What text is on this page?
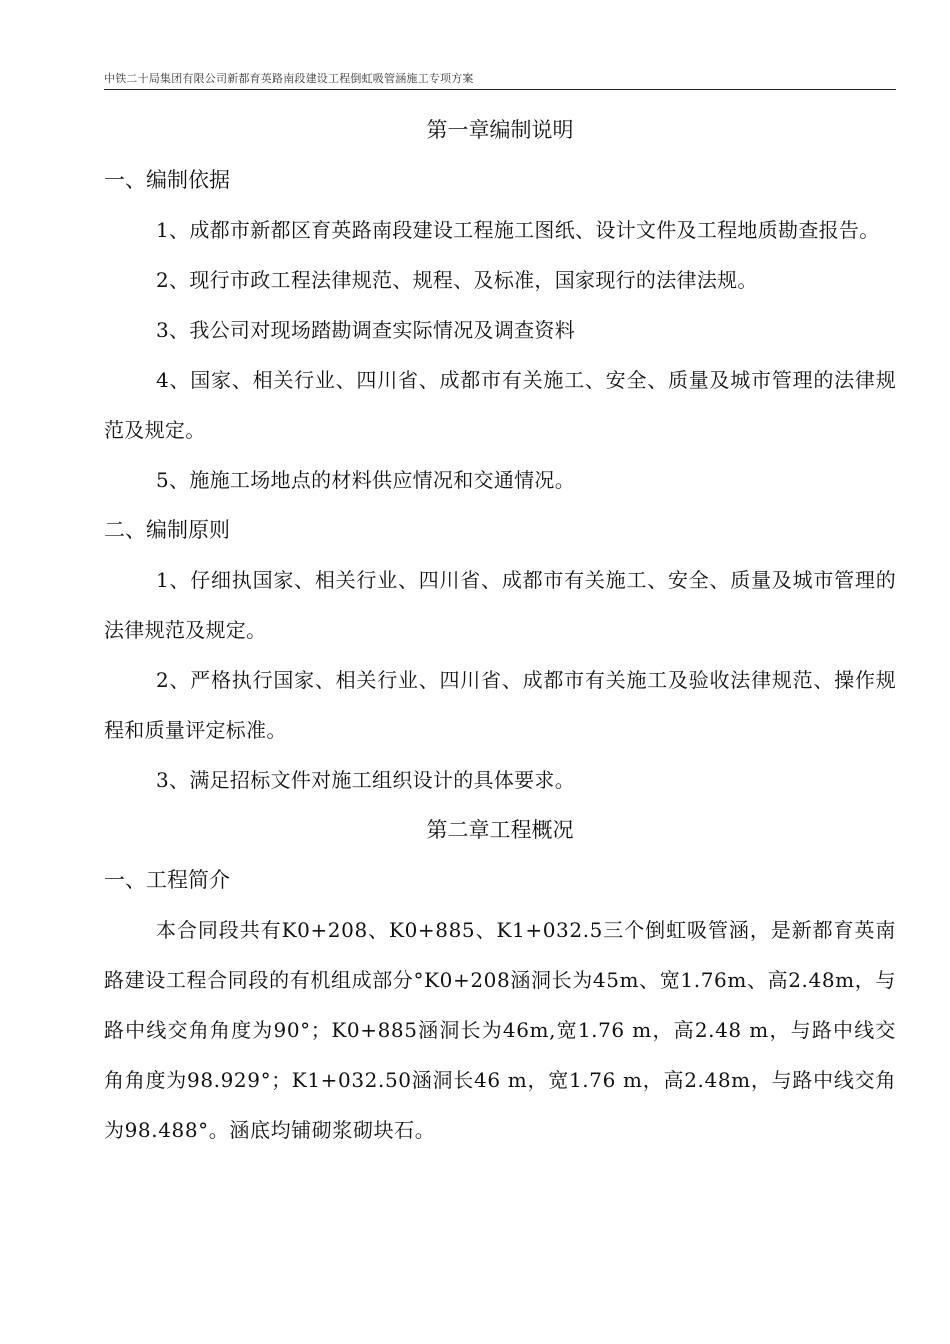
中铁二十局集团有限公司新都育英路南段建设工程倒虹吸管涵施工专项方案
第一章编制说明
一、编制依据

1、成都市新都区育英路南段建设工程施工图纸、设计文件及工程地质勘查报告。

2、现行市政工程法律规范、规程、及标准，国家现行的法律法规。

3、我公司对现场踏勘调查实际情况及调查资料

4、国家、相关行业、四川省、成都市有关施工、安全、质量及城市管理的法律规范及规定。

5、施施工场地点的材料供应情况和交通情况。

二、编制原则

1、仔细执国家、相关行业、四川省、成都市有关施工、安全、质量及城市管理的法律规范及规定。

2、严格执行国家、相关行业、四川省、成都市有关施工及验收法律规范、操作规程和质量评定标准。

3、满足招标文件对施工组织设计的具体要求。

第二章工程概况
一、工程简介

本合同段共有K0+208、K0+885、K1+032.5三个倒虹吸管涵，是新都育英南路建设工程合同段的有机组成部分°K0+208涵洞长为45m、宽1.76m、高2.48m，与路中线交角角度为90°；K0+885涵洞长为46m,宽1.76 m，高2.48 m，与路中线交角角度为98.929°；K1+032.50涵洞长46 m，宽1.76 m，高2.48m，与路中线交角为98.488°。涵底均铺砌浆砌块石。
